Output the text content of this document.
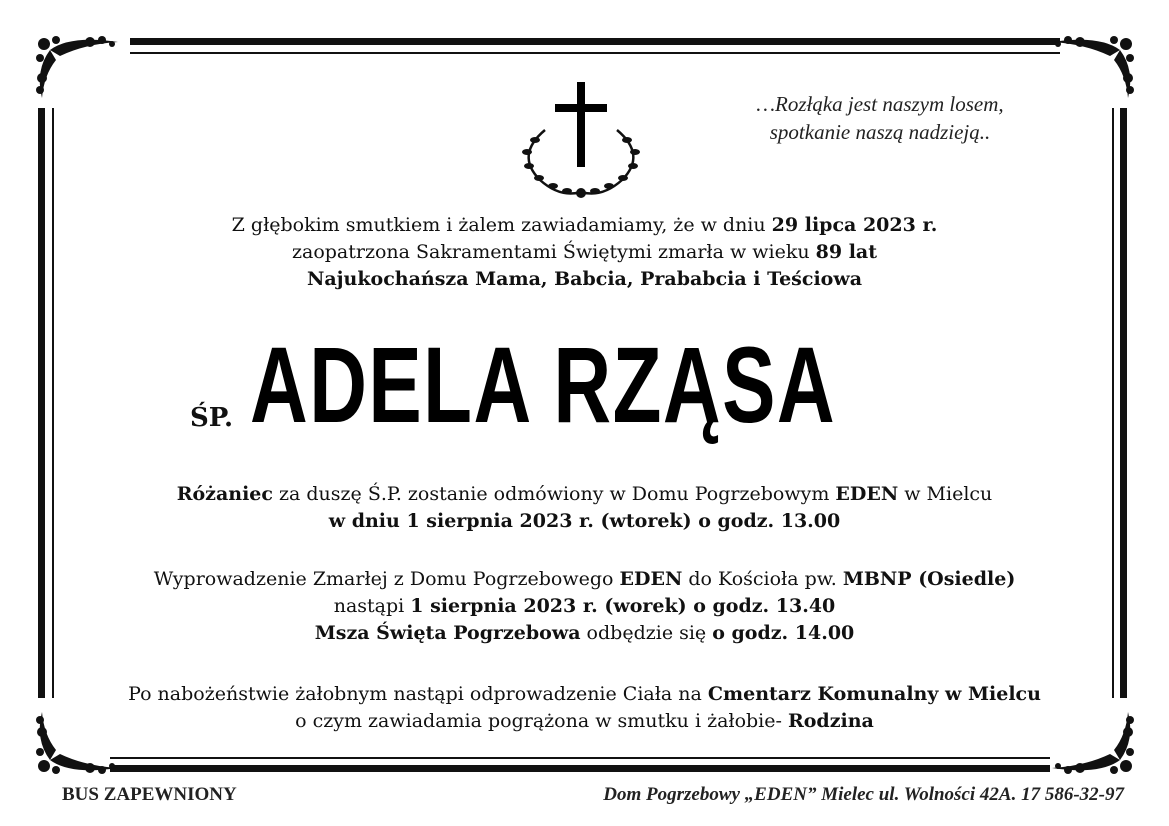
…Rozłąka jest naszym losem,
spotkanie naszą nadzieją..
Z głębokim smutkiem i żalem zawiadamiamy, że w dniu 29 lipca 2023 r.
zaopatrzona Sakramentami Świętymi zmarła w wieku 89 lat
Najukochańsza Mama, Babcia, Prababcia i Teściowa
ŚP. ADELA RZĄSA
Różaniec za duszę Ś.P. zostanie odmówiony w Domu Pogrzebowym EDEN w Mielcu
w dniu 1 sierpnia 2023 r. (wtorek) o godz. 13.00
Wyprowadzenie Zmarłej z Domu Pogrzebowego EDEN do Kościoła pw. MBNP (Osiedle)
nastąpi 1 sierpnia 2023 r. (worek) o godz. 13.40
Msza Święta Pogrzebowa odbędzie się o godz. 14.00
Po nabożeństwie żałobnym nastąpi odprowadzenie Ciała na Cmentarz Komunalny w Mielcu
o czym zawiadamia pogrążona w smutku i żałobie- Rodzina
BUS ZAPEWNIONY	Dom Pogrzebowy „EDEN” Mielec ul. Wolności 42A. 17 586-32-97
